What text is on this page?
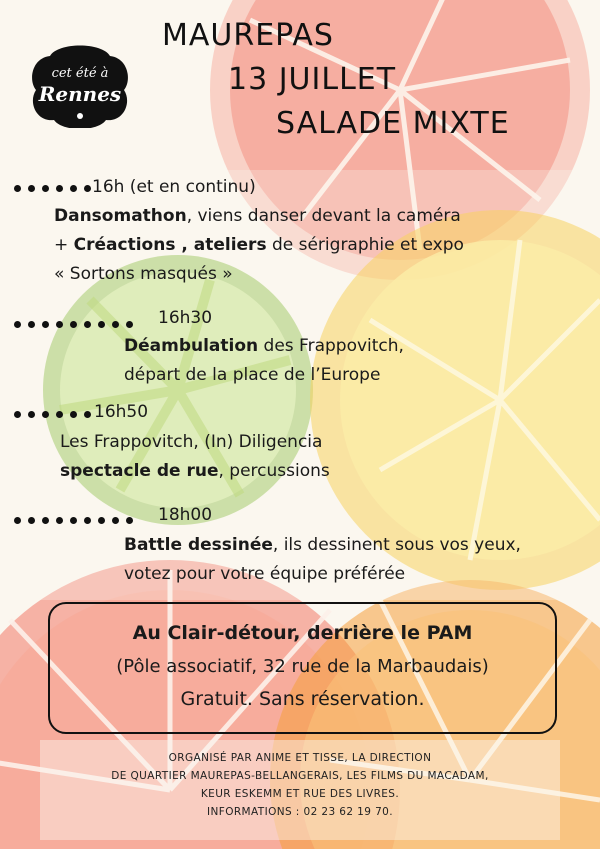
cet été à
Rennes
MAUREPAS
13 JUILLET
SALADE MIXTE
16h (et en continu)
Dansomathon, viens danser devant la caméra
+ Créactions , ateliers de sérigraphie et expo
« Sortons masqués »
16h30
Déambulation des Frappovitch,
départ de la place de l’Europe
16h50
Les Frappovitch, (In) Diligencia
spectacle de rue, percussions
18h00
Battle dessinée, ils dessinent sous vos yeux,
votez pour votre équipe préférée
Au Clair-détour, derrière le PAM
(Pôle associatif, 32 rue de la Marbaudais)
Gratuit. Sans réservation.
ORGANISÉ PAR ANIME ET TISSE, LA DIRECTION
DE QUARTIER MAUREPAS-BELLANGERAIS, LES FILMS DU MACADAM,
KEUR ESKEMM ET RUE DES LIVRES.
INFORMATIONS : 02 23 62 19 70.
